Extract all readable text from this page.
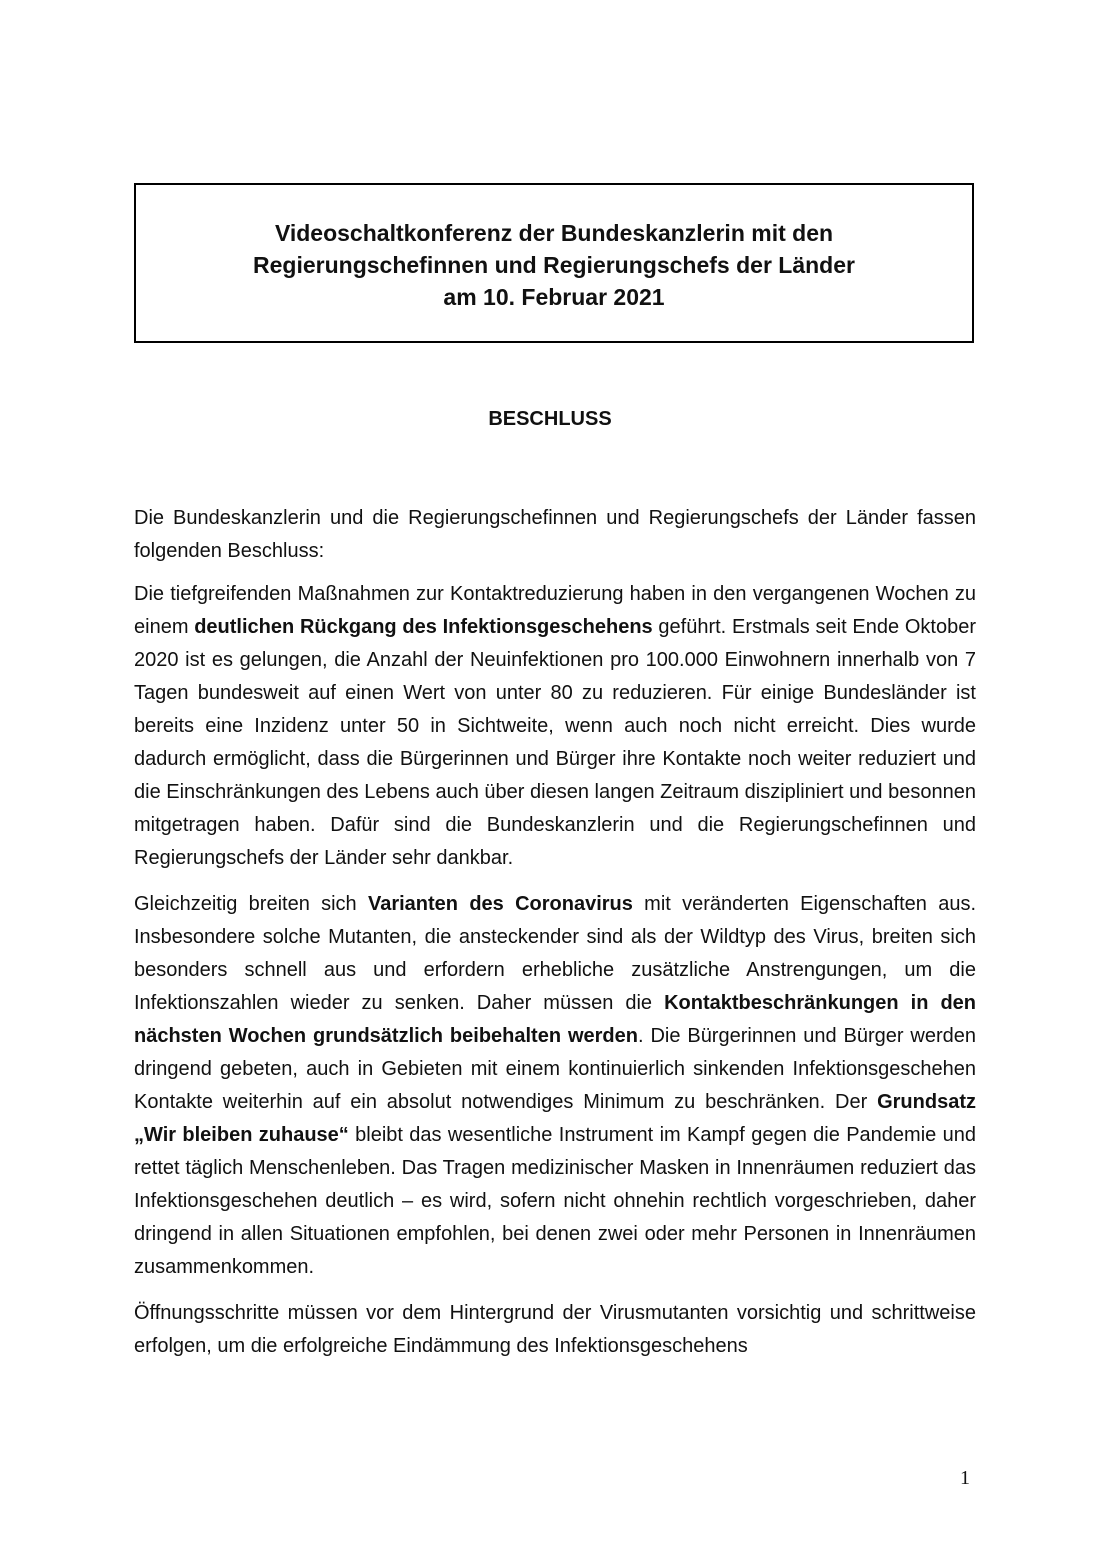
Videoschaltkonferenz der Bundeskanzlerin mit den
Regierungschefinnen und Regierungschefs der Länder
am 10. Februar 2021
BESCHLUSS

Die Bundeskanzlerin und die Regierungschefinnen und Regierungschefs der Länder fassen folgenden Beschluss:

Die tiefgreifenden Maßnahmen zur Kontaktreduzierung haben in den vergangenen Wochen zu einem deutlichen Rückgang des Infektionsgeschehens geführt. Erstmals seit Ende Oktober 2020 ist es gelungen, die Anzahl der Neuinfektionen pro 100.000 Einwohnern innerhalb von 7 Tagen bundesweit auf einen Wert von unter 80 zu reduzieren. Für einige Bundesländer ist bereits eine Inzidenz unter 50 in Sichtweite, wenn auch noch nicht erreicht. Dies wurde dadurch ermöglicht, dass die Bürgerinnen und Bürger ihre Kontakte noch weiter reduziert und die Einschränkungen des Lebens auch über diesen langen Zeitraum diszipliniert und besonnen mitgetragen haben. Dafür sind die Bundeskanzlerin und die Regierungschefinnen und Regierungschefs der Länder sehr dankbar.

Gleichzeitig breiten sich Varianten des Coronavirus mit veränderten Eigenschaften aus. Insbesondere solche Mutanten, die ansteckender sind als der Wildtyp des Virus, breiten sich besonders schnell aus und erfordern erhebliche zusätzliche Anstrengungen, um die Infektionszahlen wieder zu senken. Daher müssen die Kontaktbeschränkungen in den nächsten Wochen grundsätzlich beibehalten werden. Die Bürgerinnen und Bürger werden dringend gebeten, auch in Gebieten mit einem kontinuierlich sinkenden Infektionsgeschehen Kontakte weiterhin auf ein absolut notwendiges Minimum zu beschränken. Der Grundsatz „Wir bleiben zuhause“ bleibt das wesentliche Instrument im Kampf gegen die Pandemie und rettet täglich Menschenleben. Das Tragen medizinischer Masken in Innenräumen reduziert das Infektionsgeschehen deutlich – es wird, sofern nicht ohnehin rechtlich vorgeschrieben, daher dringend in allen Situationen empfohlen, bei denen zwei oder mehr Personen in Innenräumen zusammenkommen.

Öffnungsschritte müssen vor dem Hintergrund der Virusmutanten vorsichtig und schrittweise erfolgen, um die erfolgreiche Eindämmung des Infektionsgeschehens

1
